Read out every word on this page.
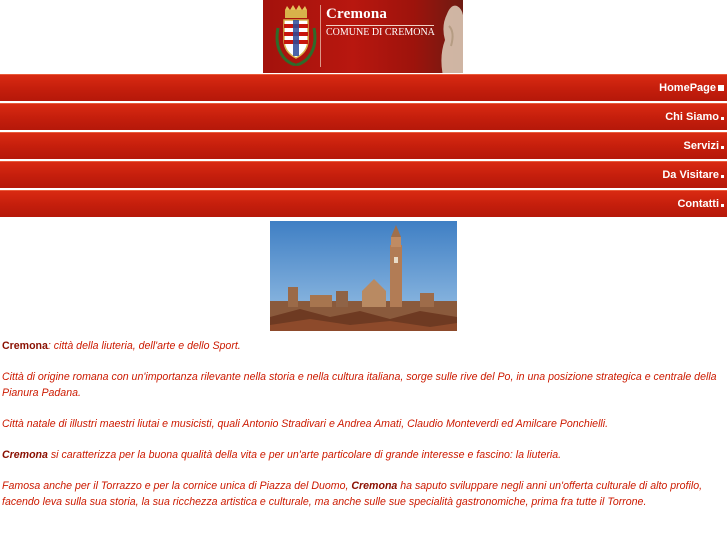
Cremona
COMUNE DI CREMONA
HomePage
Chi Siamo
Servizi
Da Visitare
Contatti

Cremona: città della liuteria, dell'arte e dello Sport.

Città di origine romana con un'importanza rilevante nella storia e nella cultura italiana, sorge sulle rive del Po, in una posizione strategica e centrale della Pianura Padana.

Città natale di illustri maestri liutai e musicisti, quali Antonio Stradivari e Andrea Amati, Claudio Monteverdi ed Amilcare Ponchielli.

Cremona si caratterizza per la buona qualità della vita e per un'arte particolare di grande interesse e fascino: la liuteria.

Famosa anche per il Torrazzo e per la cornice unica di Piazza del Duomo, Cremona ha saputo sviluppare negli anni un'offerta culturale di alto profilo, facendo leva sulla sua storia, la sua ricchezza artistica e culturale, ma anche sulle sue specialità gastronomiche, prima fra tutte il Torrone.
